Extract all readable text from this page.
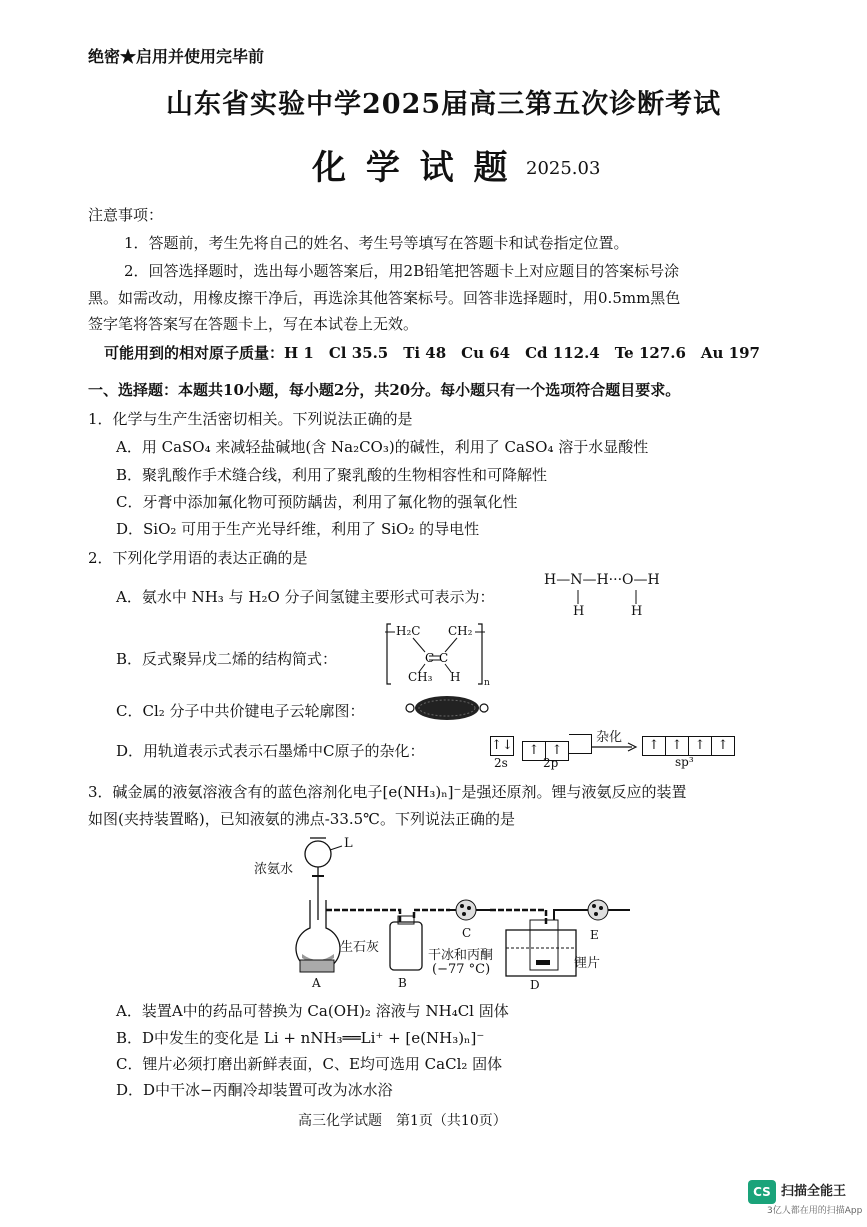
绝密★启用并使用完毕前
山东省实验中学2025届高三第五次诊断考试
化 学 试 题 2025.03
注意事项：
1．答题前，考生先将自己的姓名、考生号等填写在答题卡和试卷指定位置。
2．回答选择题时，选出每小题答案后，用2B铅笔把答题卡上对应题目的答案标号涂
黑。如需改动，用橡皮擦干净后，再选涂其他答案标号。回答非选择题时，用0.5mm黑色
签字笔将答案写在答题卡上，写在本试卷上无效。
可能用到的相对原子质量：H 1　Cl 35.5　Ti 48　Cu 64　Cd 112.4　Te 127.6　Au 197
一、选择题：本题共10小题，每小题2分，共20分。每小题只有一个选项符合题目要求。
1．化学与生产生活密切相关。下列说法正确的是
A．用 CaSO₄ 来减轻盐碱地(含 Na₂CO₃)的碱性，利用了 CaSO₄ 溶于水显酸性
B．聚乳酸作手术缝合线，利用了聚乳酸的生物相容性和可降解性
C．牙膏中添加氟化物可预防龋齿，利用了氟化物的强氧化性
D．SiO₂ 可用于生产光导纤维，利用了 SiO₂ 的导电性
2．下列化学用语的表达正确的是
A．氨水中 NH₃ 与 H₂O 分子间氢键主要形式可表示为：
H—N—H···O—H
H	H
B．反式聚异戊二烯的结构简式：	C C
H₂C CH₂
CH₃ H	n
C．Cl₂ 分子中共价键电子云轮廓图：
D．用轨道表示式表示石墨烯中C原子的杂化：	↑↓	↑ ↑
2s	2p
杂化
↑ ↑ ↑ ↑
sp³
3．碱金属的液氨溶液含有的蓝色溶剂化电子[e(NH₃)ₙ]⁻是强还原剂。锂与液氨反应的装置
如图(夹持装置略)，已知液氨的沸点-33.5℃。下列说法正确的是
L
浓氨水
生石灰
干冰和丙酮
(−77 °C)	锂片
A	B
C
D
E
A．装置A中的药品可替换为 Ca(OH)₂ 溶液与 NH₄Cl 固体
B．D中发生的变化是 Li + nNH₃══Li⁺ + [e(NH₃)ₙ]⁻
C．锂片必须打磨出新鲜表面，C、E均可选用 CaCl₂ 固体
D．D中干冰−丙酮冷却装置可改为冰水浴
高三化学试题　第1页（共10页）
CS 扫描全能王
3亿人都在用的扫描App
